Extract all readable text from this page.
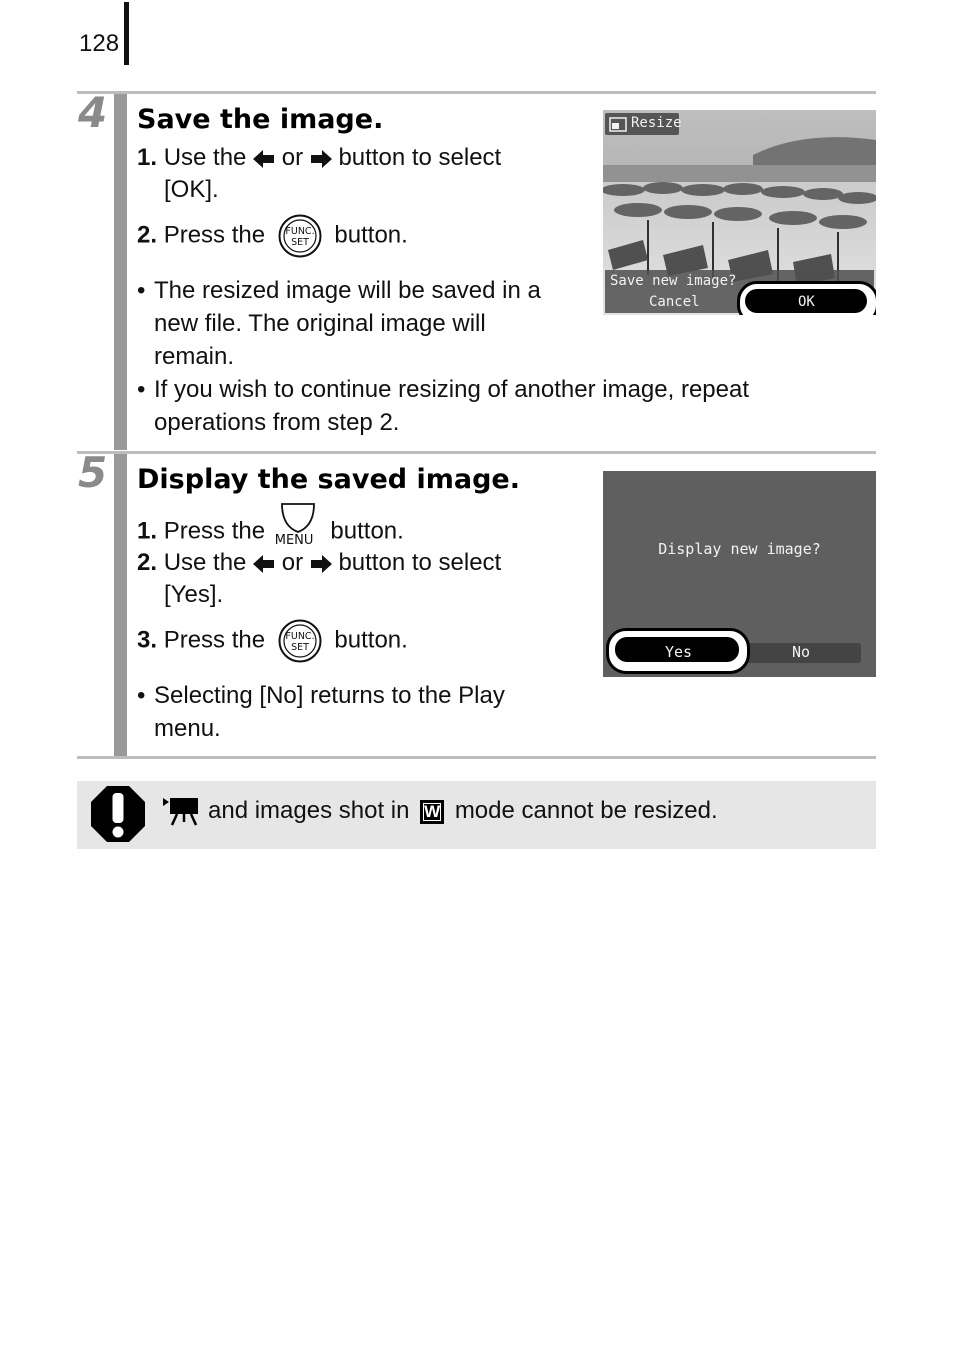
128
4 Save the image.
1. Use the or button to select
[OK].
2. Press the FUNC.
SET button.
• The resized image will be saved in a
new file. The original image will
remain.
• If you wish to continue resizing of another image, repeat
operations from step 2.
Resize
Save new image?
Cancel	OK
5 Display the saved image.
1. Press the MENU button.
2. Use the or button to select
[Yes].
3. Press the FUNC.
SET button.
• Selecting [No] returns to the Play
menu.
Display new image?
Yes	No
and images shot in W mode cannot be resized.
